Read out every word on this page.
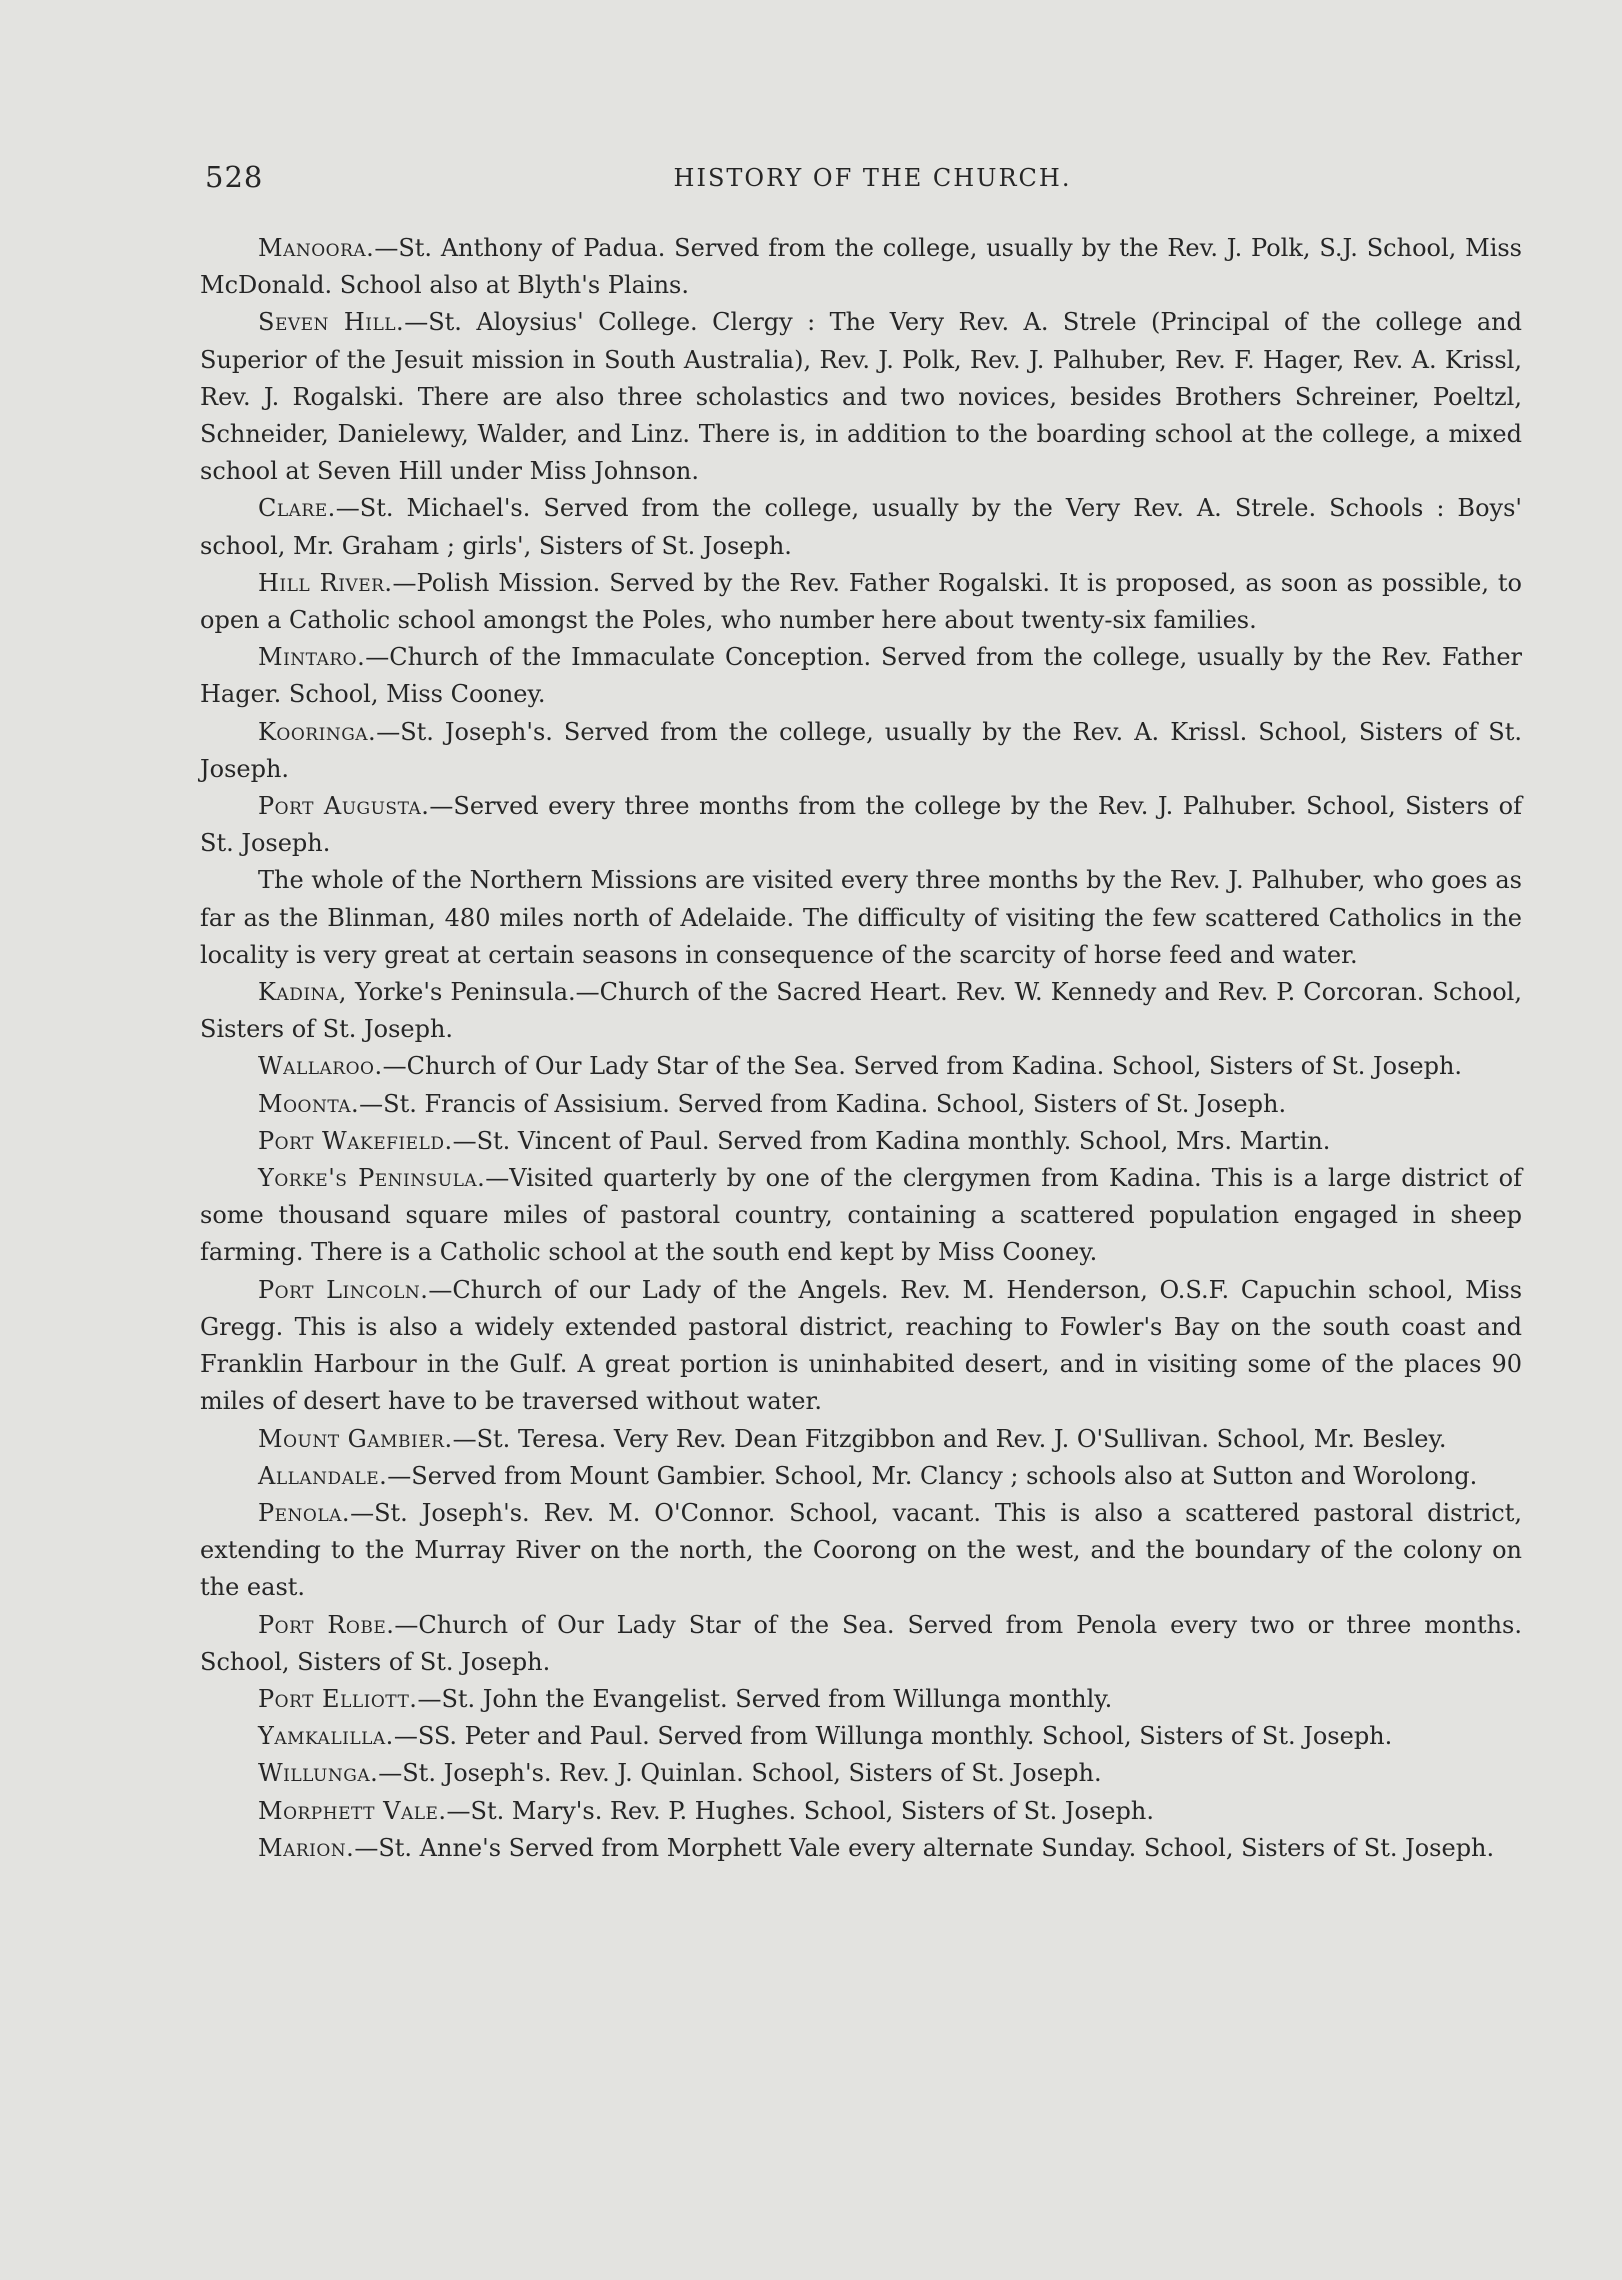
528	HISTORY OF THE CHURCH.

Manoora.—St. Anthony of Padua. Served from the college, usually by the Rev. J. Polk, S.J. School, Miss McDonald. School also at Blyth's Plains.

Seven Hill.—St. Aloysius' College. Clergy : The Very Rev. A. Strele (Principal of the college and Superior of the Jesuit mission in South Australia), Rev. J. Polk, Rev. J. Palhuber, Rev. F. Hager, Rev. A. Krissl, Rev. J. Rogalski. There are also three scholastics and two novices, besides Brothers Schreiner, Poeltzl, Schneider, Danielewy, Walder, and Linz. There is, in addition to the boarding school at the college, a mixed school at Seven Hill under Miss Johnson.

Clare.—St. Michael's. Served from the college, usually by the Very Rev. A. Strele. Schools : Boys' school, Mr. Graham ; girls', Sisters of St. Joseph.

Hill River.—Polish Mission. Served by the Rev. Father Rogalski. It is proposed, as soon as possible, to open a Catholic school amongst the Poles, who number here about twenty-six families.

Mintaro.—Church of the Immaculate Conception. Served from the college, usually by the Rev. Father Hager. School, Miss Cooney.

Kooringa.—St. Joseph's. Served from the college, usually by the Rev. A. Krissl. School, Sisters of St. Joseph.

Port Augusta.—Served every three months from the college by the Rev. J. Palhuber. School, Sisters of St. Joseph.

The whole of the Northern Missions are visited every three months by the Rev. J. Palhuber, who goes as far as the Blinman, 480 miles north of Adelaide. The difficulty of visiting the few scattered Catholics in the locality is very great at certain seasons in consequence of the scarcity of horse feed and water.

Kadina, Yorke's Peninsula.—Church of the Sacred Heart. Rev. W. Kennedy and Rev. P. Corcoran. School, Sisters of St. Joseph.

Wallaroo.—Church of Our Lady Star of the Sea. Served from Kadina. School, Sisters of St. Joseph.

Moonta.—St. Francis of Assisium. Served from Kadina. School, Sisters of St. Joseph.

Port Wakefield.—St. Vincent of Paul. Served from Kadina monthly. School, Mrs. Martin.

Yorke's Peninsula.—Visited quarterly by one of the clergymen from Kadina. This is a large district of some thousand square miles of pastoral country, containing a scattered population engaged in sheep farming. There is a Catholic school at the south end kept by Miss Cooney.

Port Lincoln.—Church of our Lady of the Angels. Rev. M. Henderson, O.S.F. Capuchin school, Miss Gregg. This is also a widely extended pastoral district, reaching to Fowler's Bay on the south coast and Franklin Harbour in the Gulf. A great portion is uninhabited desert, and in visiting some of the places 90 miles of desert have to be traversed without water.

Mount Gambier.—St. Teresa. Very Rev. Dean Fitzgibbon and Rev. J. O'Sullivan. School, Mr. Besley.

Allandale.—Served from Mount Gambier. School, Mr. Clancy ; schools also at Sutton and Worolong.

Penola.—St. Joseph's. Rev. M. O'Connor. School, vacant. This is also a scattered pastoral district, extending to the Murray River on the north, the Coorong on the west, and the boundary of the colony on the east.

Port Robe.—Church of Our Lady Star of the Sea. Served from Penola every two or three months. School, Sisters of St. Joseph.

Port Elliott.—St. John the Evangelist. Served from Willunga monthly.

Yamkalilla.—SS. Peter and Paul. Served from Willunga monthly. School, Sisters of St. Joseph.

Willunga.—St. Joseph's. Rev. J. Quinlan. School, Sisters of St. Joseph.

Morphett Vale.—St. Mary's. Rev. P. Hughes. School, Sisters of St. Joseph.

Marion.—St. Anne's Served from Morphett Vale every alternate Sunday. School, Sisters of St. Joseph.
